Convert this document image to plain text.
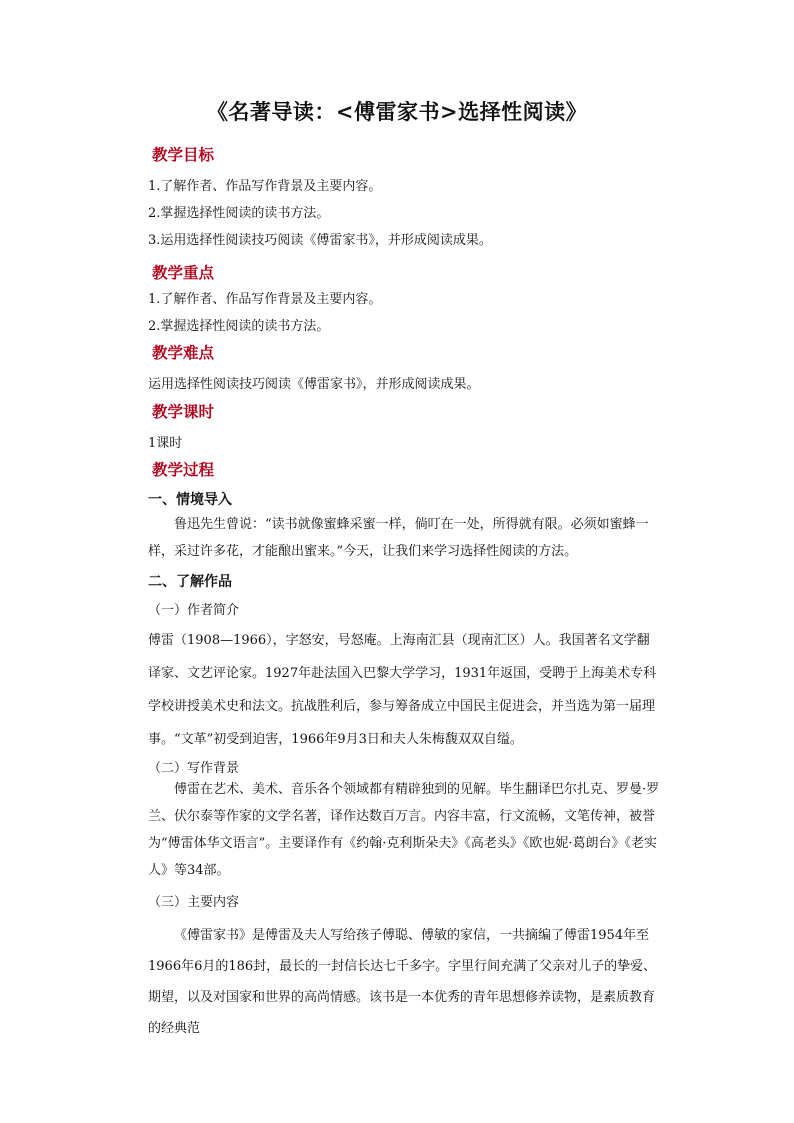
《名著导读：<傅雷家书>选择性阅读》
教学目标
1.了解作者、作品写作背景及主要内容。
2.掌握选择性阅读的读书方法。
3.运用选择性阅读技巧阅读《傅雷家书》，并形成阅读成果。
教学重点
1.了解作者、作品写作背景及主要内容。
2.掌握选择性阅读的读书方法。
教学难点
运用选择性阅读技巧阅读《傅雷家书》，并形成阅读成果。
教学课时
1课时
教学过程
一、情境导入
鲁迅先生曾说：“读书就像蜜蜂采蜜一样，倘叮在一处，所得就有限。必须如蜜蜂一样，采过许多花，才能酿出蜜来。”今天，让我们来学习选择性阅读的方法。
二、了解作品
（一）作者简介
傅雷（1908—1966），字怒安，号怒庵。上海南汇县（现南汇区）人。我国著名文学翻译家、文艺评论家。1927年赴法国入巴黎大学学习，1931年返国，受聘于上海美术专科学校讲授美术史和法文。抗战胜利后，参与筹备成立中国民主促进会，并当选为第一届理事。“文革”初受到迫害，1966年9月3日和夫人朱梅馥双双自缢。
（二）写作背景
傅雷在艺术、美术、音乐各个领域都有精辟独到的见解。毕生翻译巴尔扎克、罗曼·罗兰、伏尔泰等作家的文学名著，译作达数百万言。内容丰富，行文流畅，文笔传神，被誉为“傅雷体华文语言”。主要译作有《约翰·克利斯朵夫》《高老头》《欧也妮·葛朗台》《老实人》等34部。
（三）主要内容
《傅雷家书》是傅雷及夫人写给孩子傅聪、傅敏的家信，一共摘编了傅雷1954年至1966年6月的186封，最长的一封信长达七千多字。字里行间充满了父亲对儿子的挚爱、期望，以及对国家和世界的高尚情感。该书是一本优秀的青年思想修养读物，是素质教育的经典范
